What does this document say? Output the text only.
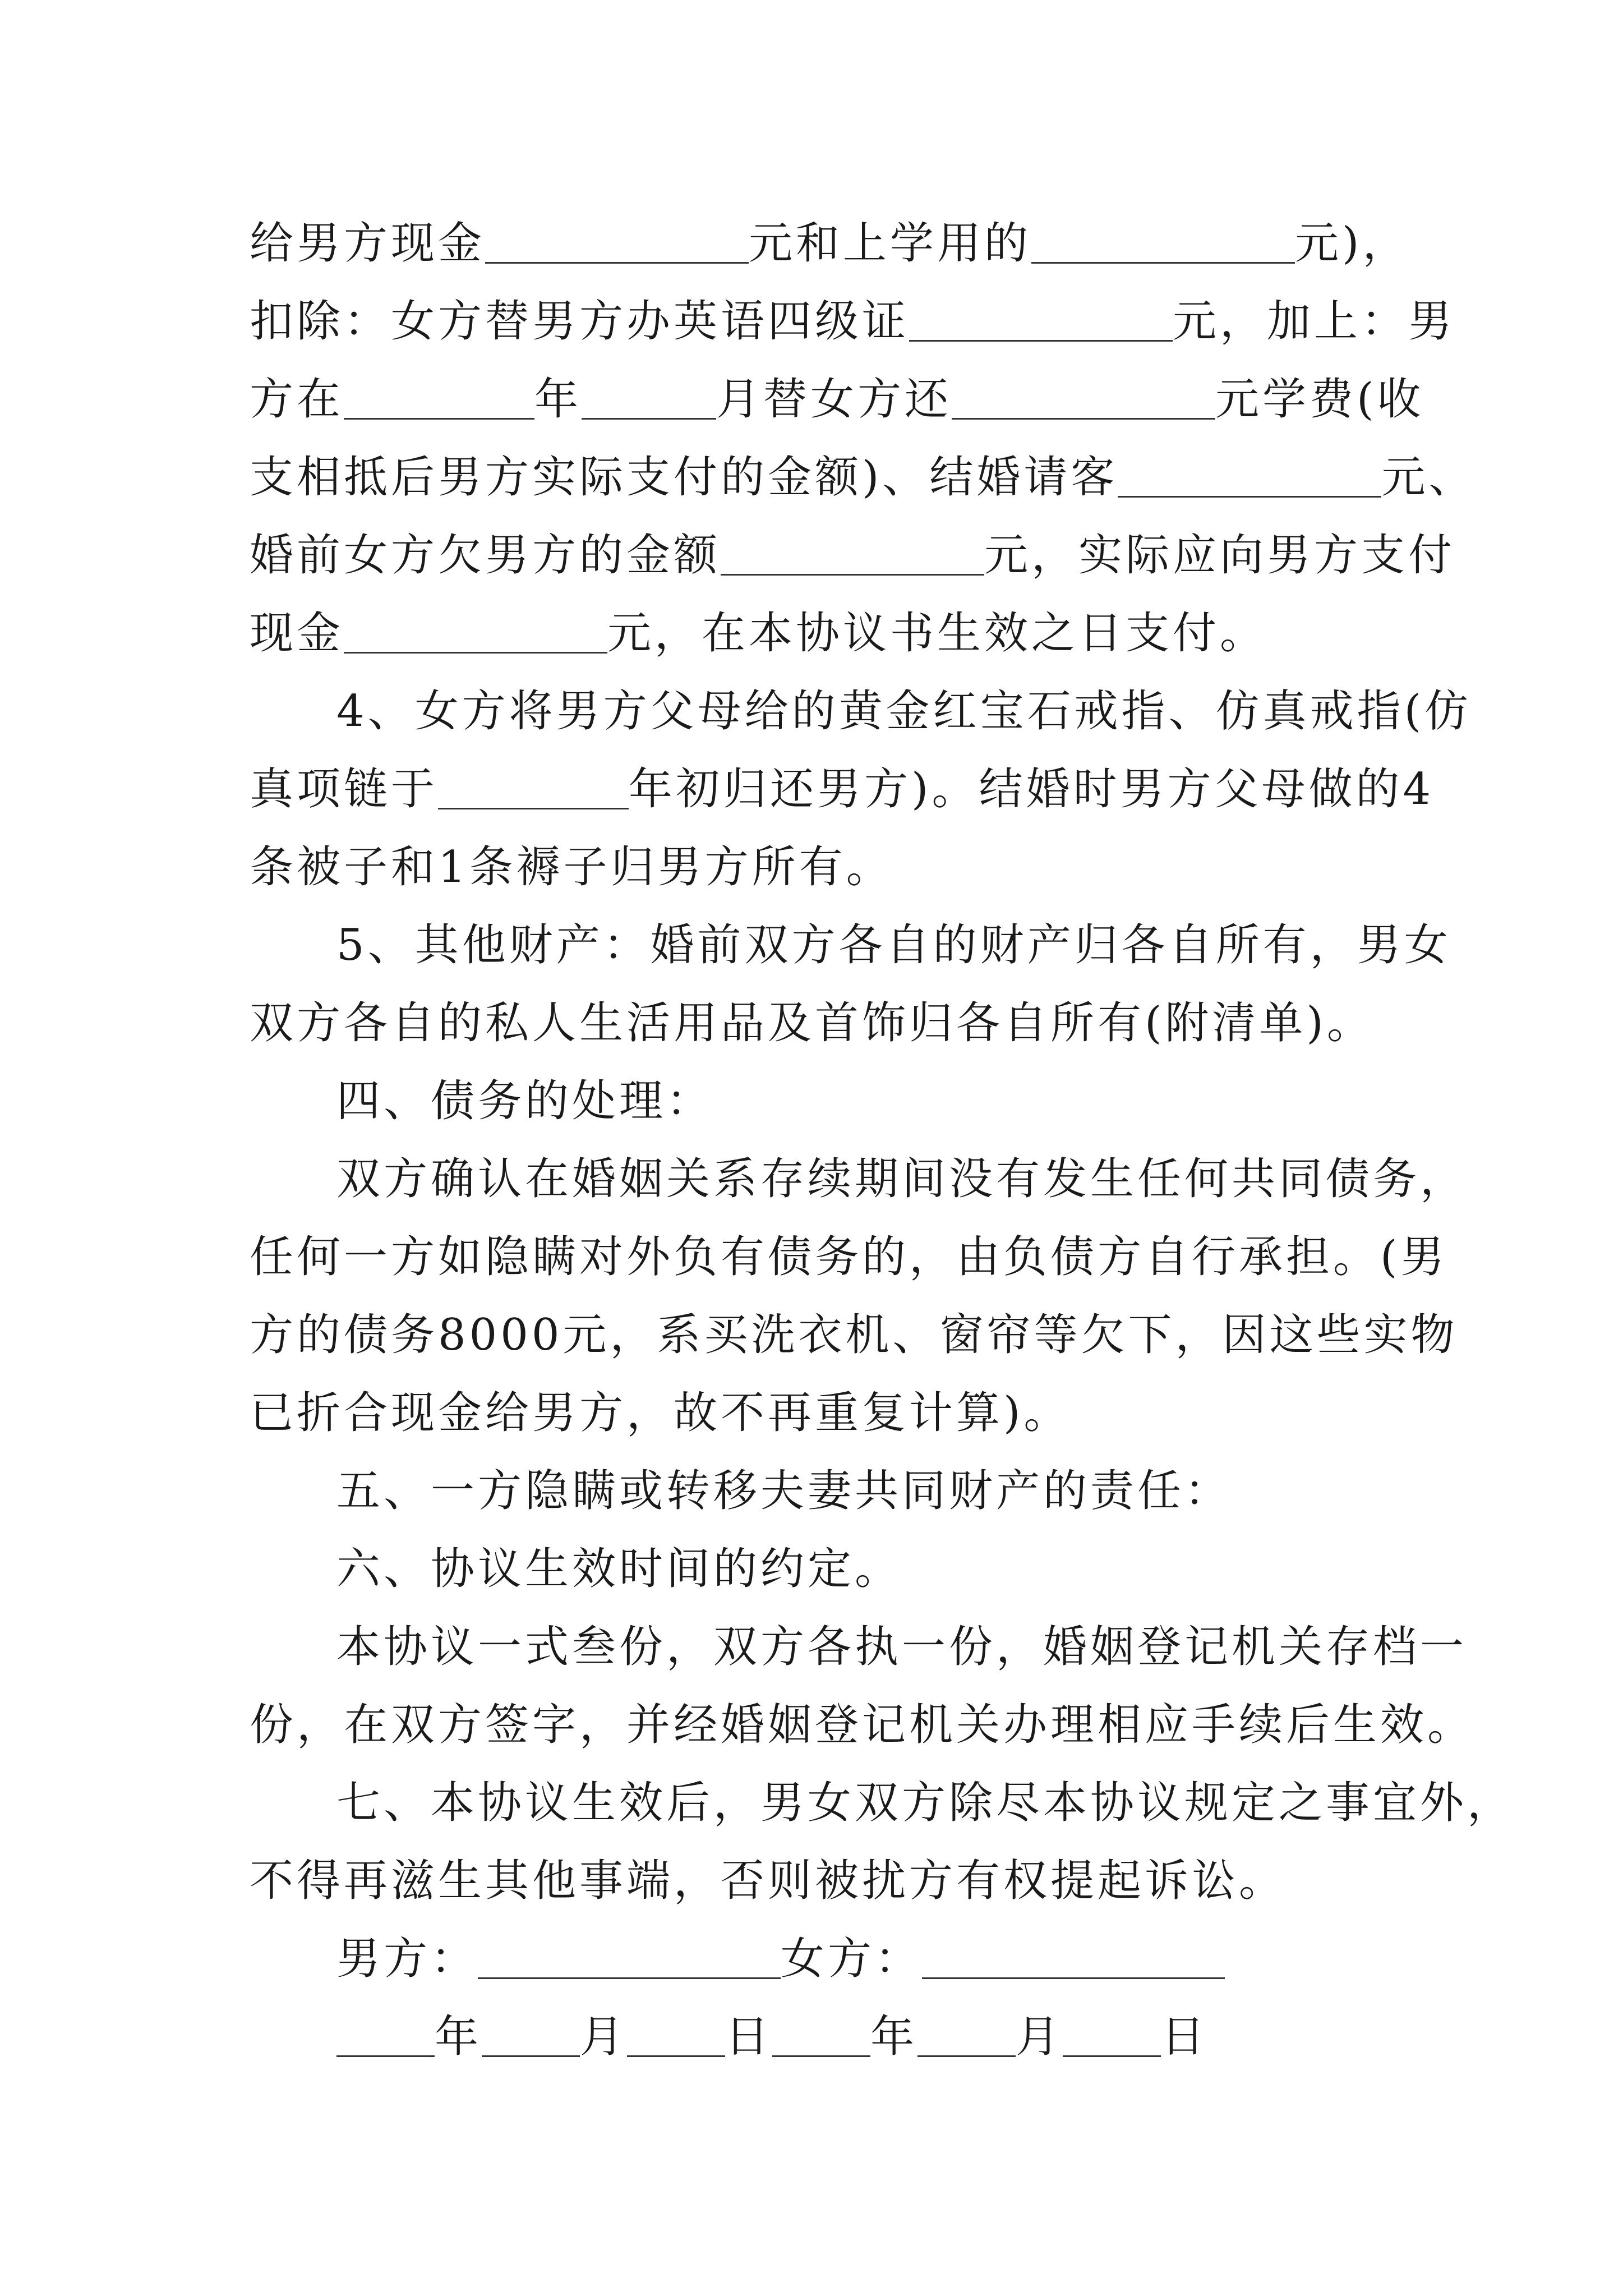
给男方现金	元和上学用的	元)，
扣除：女方替男方办英语四级证	元，加上：男
方在	年	月替女方还	元学费(收
支相抵后男方实际支付的金额)、结婚请客	元、
婚前女方欠男方的金额	元，实际应向男方支付
现金	元，在本协议书生效之日支付。
4、女方将男方父母给的黄金红宝石戒指、仿真戒指(仿
真项链于	年初归还男方)。结婚时男方父母做的4
条被子和1条褥子归男方所有。
5、其他财产：婚前双方各自的财产归各自所有，男女
双方各自的私人生活用品及首饰归各自所有(附清单)。
四、债务的处理：
双方确认在婚姻关系存续期间没有发生任何共同债务，
任何一方如隐瞒对外负有债务的，由负债方自行承担。(男
方的债务8000元，系买洗衣机、窗帘等欠下，因这些实物
已折合现金给男方，故不再重复计算)。
五、一方隐瞒或转移夫妻共同财产的责任：
六、协议生效时间的约定。
本协议一式叁份，双方各执一份，婚姻登记机关存档一
份，在双方签字，并经婚姻登记机关办理相应手续后生效。
七、本协议生效后，男女双方除尽本协议规定之事宜外，
不得再滋生其他事端，否则被扰方有权提起诉讼。
男方：	女方：
年 月 日 年 月 日
